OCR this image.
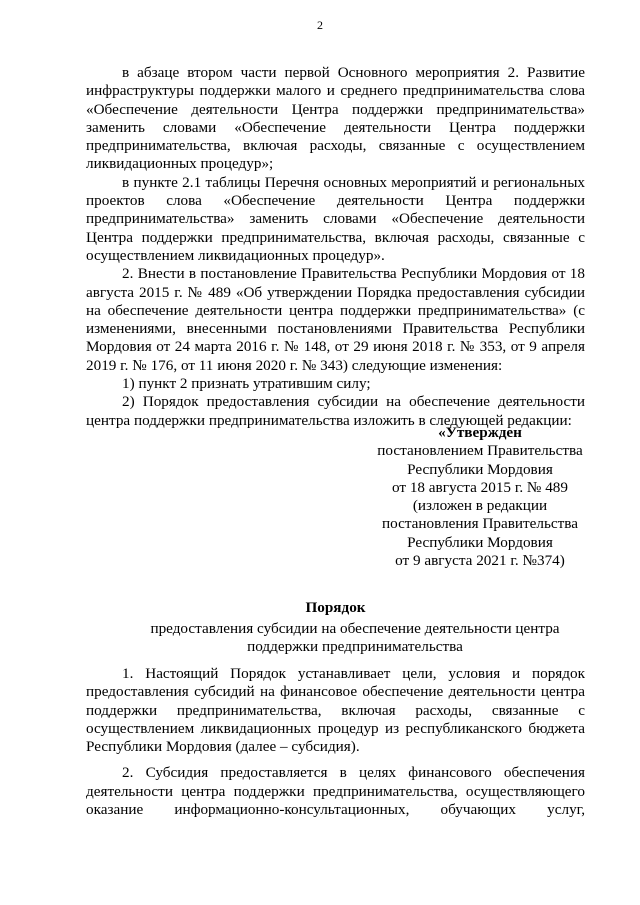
2

в абзаце втором части первой Основного мероприятия 2. Развитие инфраструктуры поддержки малого и среднего предпринимательства слова «Обеспечение деятельности Центра поддержки предпринимательства» заменить словами «Обеспечение деятельности Центра поддержки предпринимательства, включая расходы, связанные с осуществлением ликвидационных процедур»;

в пункте 2.1 таблицы Перечня основных мероприятий и региональных проектов слова «Обеспечение деятельности Центра поддержки предпринимательства» заменить словами «Обеспечение деятельности Центра поддержки предпринимательства, включая расходы, связанные с осуществлением ликвидационных процедур».

2. Внести в постановление Правительства Республики Мордовия от 18 августа 2015 г. № 489 «Об утверждении Порядка предоставления субсидии на обеспечение деятельности центра поддержки предпринимательства» (с изменениями, внесенными постановлениями Правительства Республики Мордовия от 24 марта 2016 г. № 148, от 29 июня 2018 г. № 353, от 9 апреля 2019 г. № 176, от 11 июня 2020 г. № 343) следующие изменения:

1) пункт 2 признать утратившим силу;

2) Порядок предоставления субсидии на обеспечение деятельности центра поддержки предпринимательства изложить в следующей редакции:

«Утвержден
постановлением Правительства
Республики Мордовия
от 18 августа 2015 г. № 489
(изложен в редакции
постановления Правительства
Республики Мордовия
от 9 августа 2021 г. №374)
Порядок
предоставления субсидии на обеспечение деятельности центра поддержки предпринимательства

1. Настоящий Порядок устанавливает цели, условия и порядок предоставления субсидий на финансовое обеспечение деятельности центра поддержки предпринимательства, включая расходы, связанные с осуществлением ликвидационных процедур из республиканского бюджета Республики Мордовия (далее – субсидия).

2. Субсидия предоставляется в целях финансового обеспечения деятельности центра поддержки предпринимательства, осуществляющего оказание информационно-консультационных, обучающих услуг,
